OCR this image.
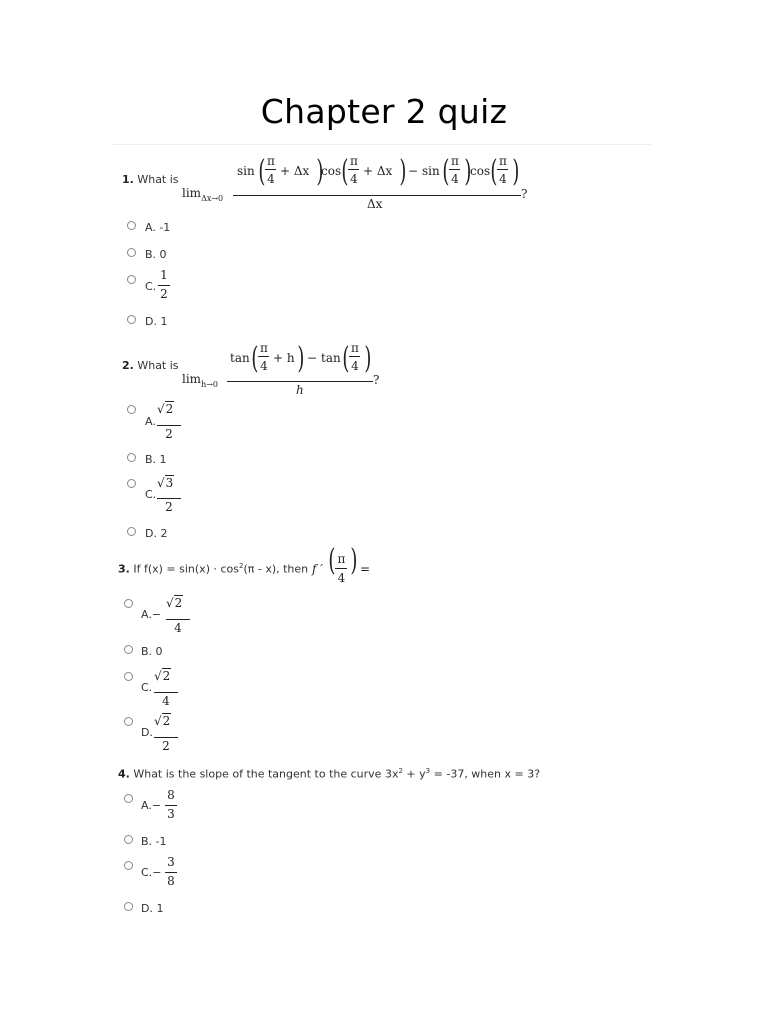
Chapter 2 quiz
1. What is
$\lim_{\Delta x\to 0}$
sin ( π
4
+ Δx )
cos ( π
4
+ Δx ) − sin ( π
4 )
cos ( π
4 )
Δx
?
A. -1
B. 0
C.
1
2
D. 1
2. What is
$\lim_{h\to 0}$
tan ( π
4
+ h ) − tan ( π
4 )
h
?
A.
√2
2
B. 1
C.
√3
2
D. 2
3. If $f(x) = \sin(x) \cdot \cos^2(\pi - x)$, then f ′ ( π
4 ) =
A.−
√2
4
B. 0
C.
√2
4
D.
√2
2
4. What is the slope of the tangent to the curve $3x^2 + y^3 = -37$, when x = 3?
A.−
8
3
B. -1
C.−
3
8
D. 1
